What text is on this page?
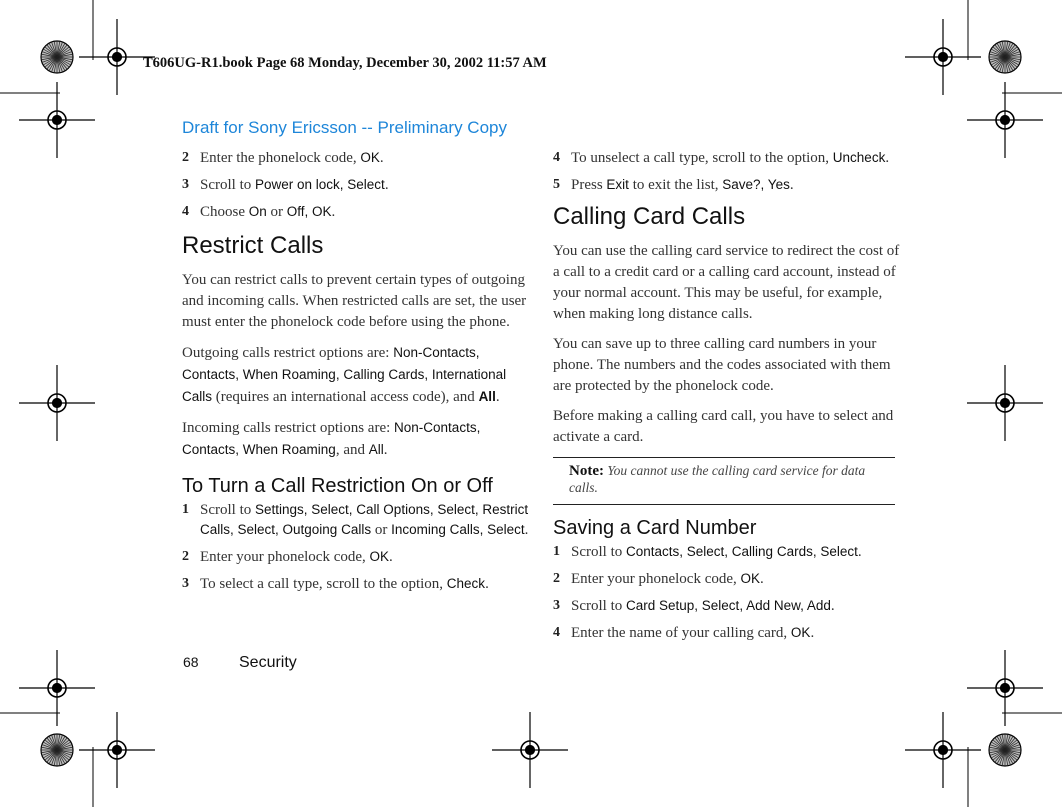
T606UG-R1.book Page 68 Monday, December 30, 2002 11:57 AM
Draft for Sony Ericsson -- Preliminary Copy
2 Enter the phonelock code, OK.
3 Scroll to Power on lock, Select.
4 Choose On or Off, OK.
Restrict Calls

You can restrict calls to prevent certain types of outgoing and incoming calls. When restricted calls are set, the user must enter the phonelock code before using the phone.

Outgoing calls restrict options are: Non-Contacts, Contacts, When Roaming, Calling Cards, International Calls (requires an international access code), and All.

Incoming calls restrict options are: Non-Contacts, Contacts, When Roaming, and All.

To Turn a Call Restriction On or Off
1 Scroll to Settings, Select, Call Options, Select, Restrict Calls, Select, Outgoing Calls or Incoming Calls, Select.
2 Enter your phonelock code, OK.
3 To select a call type, scroll to the option, Check.
4 To unselect a call type, scroll to the option, Uncheck.
5 Press Exit to exit the list, Save?, Yes.
Calling Card Calls

You can use the calling card service to redirect the cost of a call to a credit card or a calling card account, instead of your normal account. This may be useful, for example, when making long distance calls.

You can save up to three calling card numbers in your phone. The numbers and the codes associated with them are protected by the phonelock code.

Before making a calling card call, you have to select and activate a card.

Note: You cannot use the calling card service for data calls.
Saving a Card Number
1 Scroll to Contacts, Select, Calling Cards, Select.
2 Enter your phonelock code, OK.
3 Scroll to Card Setup, Select, Add New, Add.
4 Enter the name of your calling card, OK.
68	Security
